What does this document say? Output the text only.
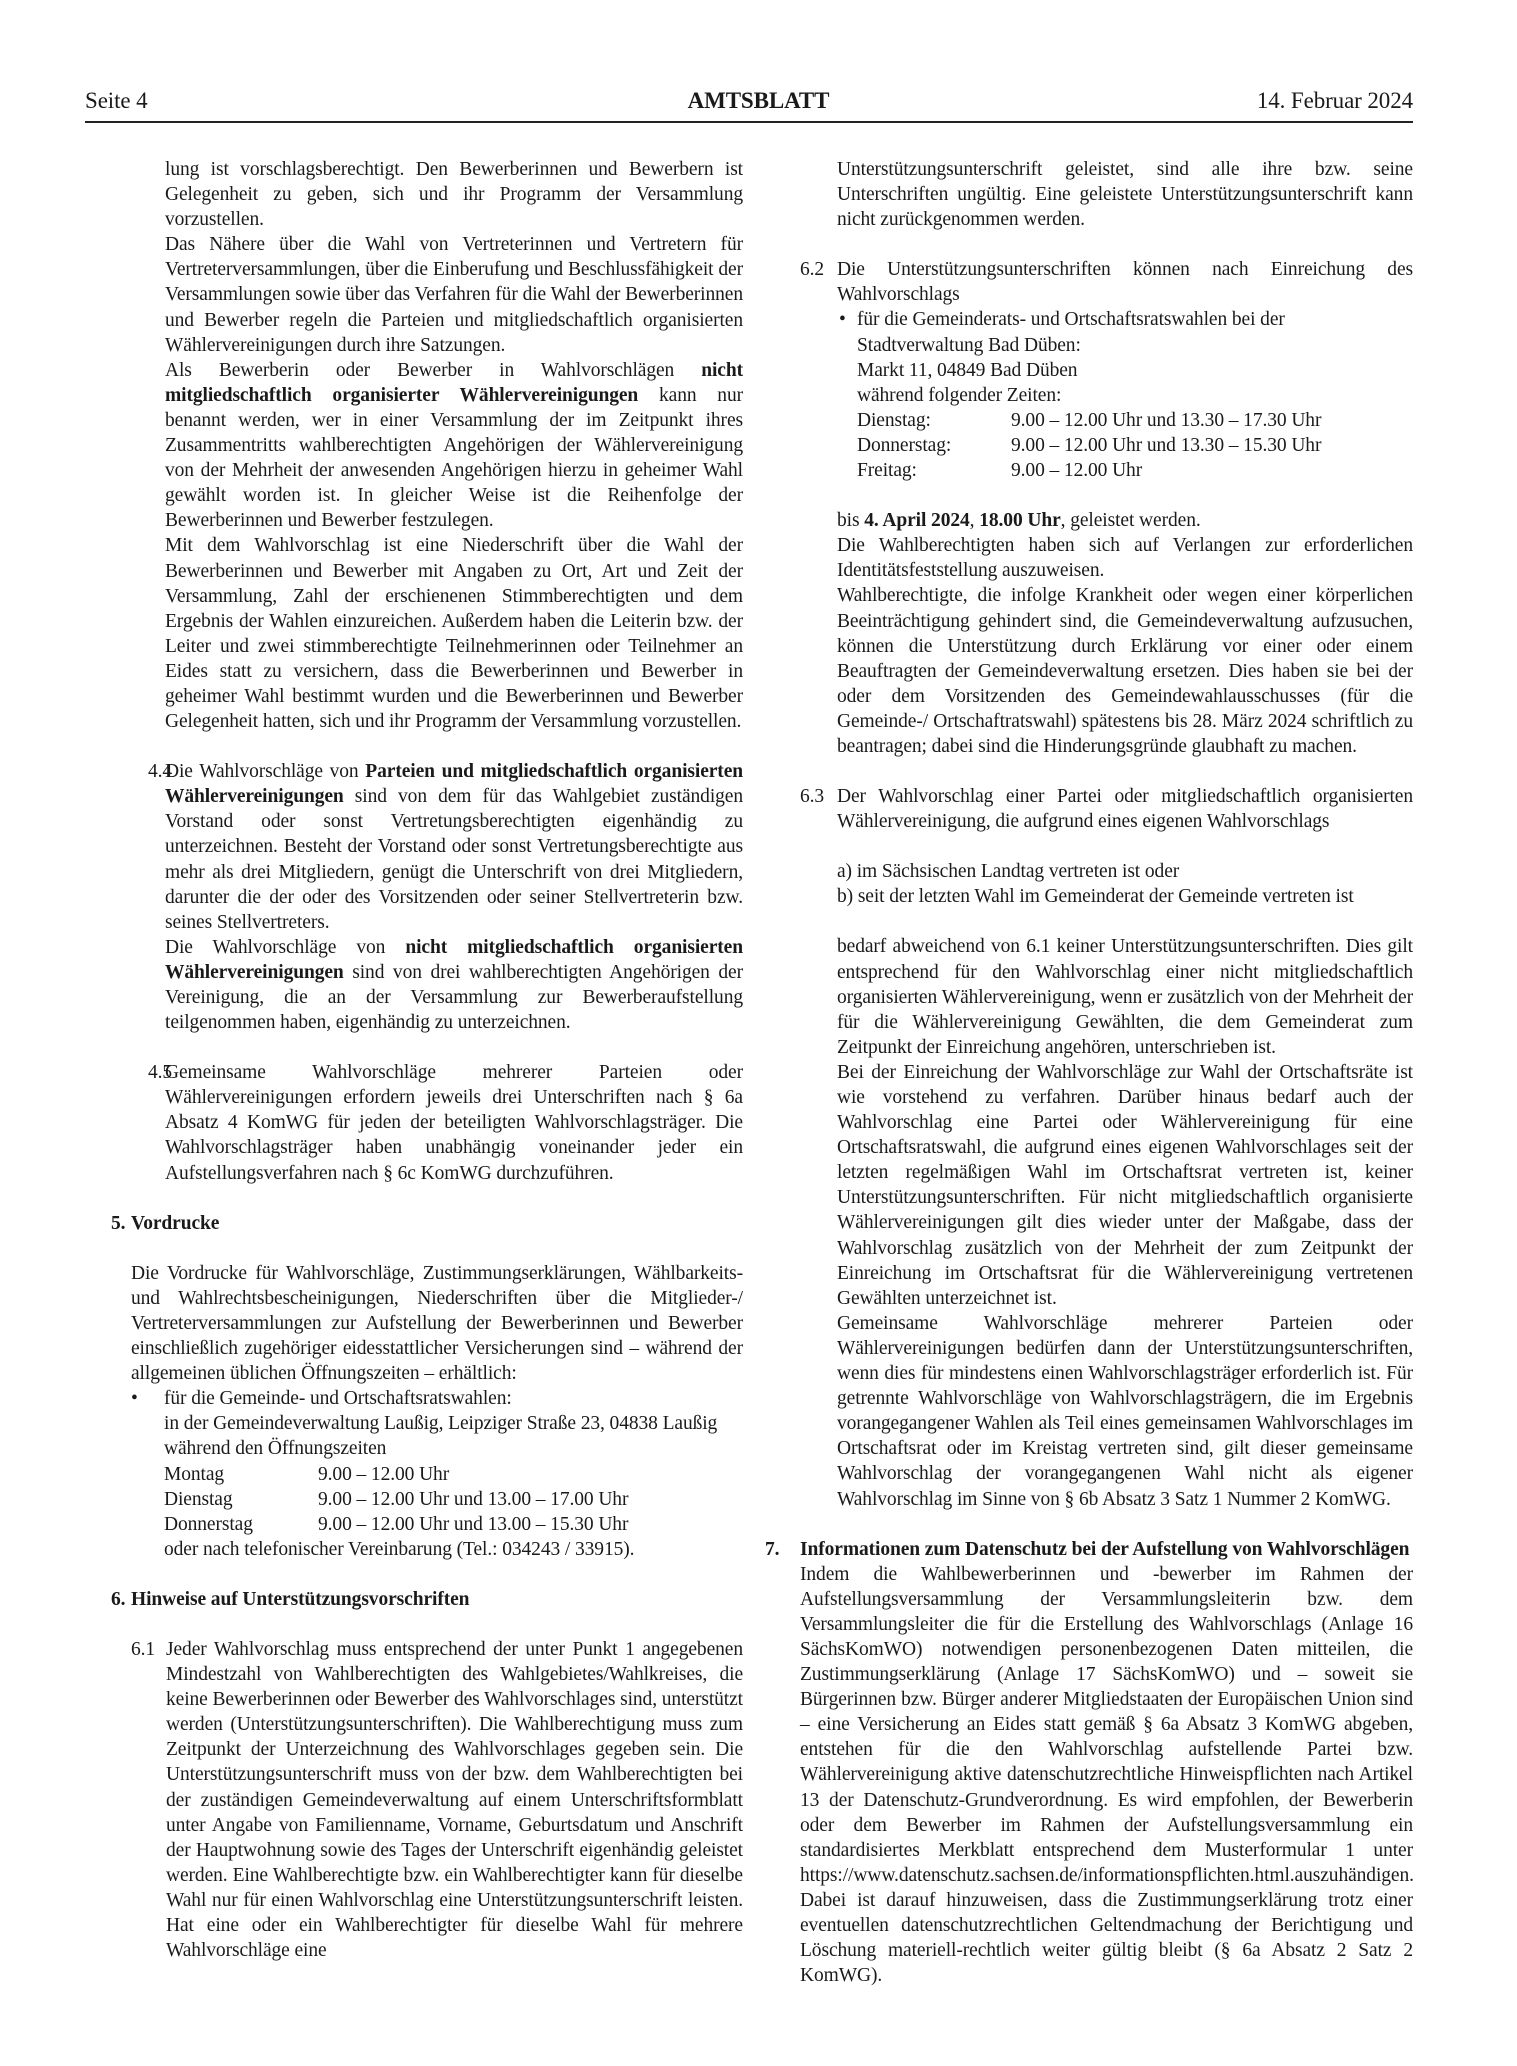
Seite 4	AMTSBLATT	14. Februar 2024

lung ist vorschlagsberechtigt. Den Bewerberinnen und Bewerbern ist Gelegenheit zu geben, sich und ihr Programm der Versammlung vorzustellen.

Das Nähere über die Wahl von Vertreterinnen und Vertretern für Vertreterversammlungen, über die Einberufung und Beschlussfähigkeit der Versammlungen sowie über das Verfahren für die Wahl der Bewerberinnen und Bewerber regeln die Parteien und mitgliedschaftlich organisierten Wählervereinigungen durch ihre Satzungen.

Als Bewerberin oder Bewerber in Wahlvorschlägen nicht mitgliedschaftlich organisierter Wählervereinigungen kann nur benannt werden, wer in einer Versammlung der im Zeitpunkt ihres Zusammentritts wahlberechtigten Angehörigen der Wählervereinigung von der Mehrheit der anwesenden Angehörigen hierzu in geheimer Wahl gewählt worden ist. In gleicher Weise ist die Reihenfolge der Bewerberinnen und Bewerber festzulegen.

Mit dem Wahlvorschlag ist eine Niederschrift über die Wahl der Bewerberinnen und Bewerber mit Angaben zu Ort, Art und Zeit der Versammlung, Zahl der erschienenen Stimmberechtigten und dem Ergebnis der Wahlen einzureichen. Außerdem haben die Leiterin bzw. der Leiter und zwei stimmberechtigte Teilnehmerinnen oder Teilnehmer an Eides statt zu versichern, dass die Bewerberinnen und Bewerber in geheimer Wahl bestimmt wurden und die Bewerberinnen und Bewerber Gelegenheit hatten, sich und ihr Programm der Versammlung vorzustellen.

4.4

Die Wahlvorschläge von Parteien und mitgliedschaftlich organisierten Wählervereinigungen sind von dem für das Wahlgebiet zuständigen Vorstand oder sonst Vertretungsberechtigten eigenhändig zu unterzeichnen. Besteht der Vorstand oder sonst Vertretungsberechtigte aus mehr als drei Mitgliedern, genügt die Unterschrift von drei Mitgliedern, darunter die der oder des Vorsitzenden oder seiner Stellvertreterin bzw. seines Stellvertreters.

Die Wahlvorschläge von nicht mitgliedschaftlich organisierten Wählervereinigungen sind von drei wahlberechtigten Angehörigen der Vereinigung, die an der Versammlung zur Bewerberaufstellung teilgenommen haben, eigenhändig zu unterzeichnen.

4.5

Gemeinsame Wahlvorschläge mehrerer Parteien oder Wählervereinigungen erfordern jeweils drei Unterschriften nach § 6a Absatz 4 KomWG für jeden der beteiligten Wahlvorschlagsträger. Die Wahlvorschlagsträger haben unabhängig voneinander jeder ein Aufstellungsverfahren nach § 6c KomWG durchzuführen.

5. Vordrucke

Die Vordrucke für Wahlvorschläge, Zustimmungserklärungen, Wählbarkeits- und Wahlrechtsbescheinigungen, Niederschriften über die Mitglieder-/ Vertreterversammlungen zur Aufstellung der Bewerberinnen und Bewerber einschließlich zugehöriger eidesstattlicher Versicherungen sind – während der allgemeinen üblichen Öffnungszeiten – erhältlich:

• für die Gemeinde- und Ortschaftsratswahlen:
in der Gemeindeverwaltung Laußig, Leipziger Straße 23, 04838 Laußig
während den Öffnungszeiten
Montag	9.00 – 12.00 Uhr
Dienstag	9.00 – 12.00 Uhr und 13.00 – 17.00 Uhr
Donnerstag	9.00 – 12.00 Uhr und 13.00 – 15.30 Uhr
oder nach telefonischer Vereinbarung (Tel.: 034243 / 33915).
6. Hinweise auf Unterstützungsvorschriften
6.1 Jeder Wahlvorschlag muss entsprechend der unter Punkt 1 angegebenen Mindestzahl von Wahlberechtigten des Wahlgebietes/Wahlkreises, die keine Bewerberinnen oder Bewerber des Wahlvorschlages sind, unterstützt werden (Unterstützungsunterschriften). Die Wahlberechtigung muss zum Zeitpunkt der Unterzeichnung des Wahlvorschlages gegeben sein. Die Unterstützungsunterschrift muss von der bzw. dem Wahlberechtigten bei der zuständigen Gemeindeverwaltung auf einem Unterschriftsformblatt unter Angabe von Familienname, Vorname, Geburtsdatum und Anschrift der Hauptwohnung sowie des Tages der Unterschrift eigenhändig geleistet werden. Eine Wahlberechtigte bzw. ein Wahlberechtigter kann für dieselbe Wahl nur für einen Wahlvorschlag eine Unterstützungsunterschrift leisten. Hat eine oder ein Wahlberechtigter für dieselbe Wahl für mehrere Wahlvorschläge eine

Unterstützungsunterschrift geleistet, sind alle ihre bzw. seine Unterschriften ungültig. Eine geleistete Unterstützungsunterschrift kann nicht zurückgenommen werden.

6.2 Die Unterstützungsunterschriften können nach Einreichung des Wahlvorschlags

• für die Gemeinderats- und Ortschaftsratswahlen bei der
Stadtverwaltung Bad Düben:
Markt 11, 04849 Bad Düben
während folgender Zeiten:
Dienstag:	9.00 – 12.00 Uhr und 13.30 – 17.30 Uhr
Donnerstag:	9.00 – 12.00 Uhr und 13.30 – 15.30 Uhr
Freitag:	9.00 – 12.00 Uhr

bis 4. April 2024, 18.00 Uhr, geleistet werden.

Die Wahlberechtigten haben sich auf Verlangen zur erforderlichen Identitätsfeststellung auszuweisen.

Wahlberechtigte, die infolge Krankheit oder wegen einer körperlichen Beeinträchtigung gehindert sind, die Gemeindeverwaltung aufzusuchen, können die Unterstützung durch Erklärung vor einer oder einem Beauftragten der Gemeindeverwaltung ersetzen. Dies haben sie bei der oder dem Vorsitzenden des Gemeindewahlausschusses (für die Gemeinde-/ Ortschaftratswahl) spätestens bis 28. März 2024 schriftlich zu beantragen; dabei sind die Hinderungsgründe glaubhaft zu machen.

6.3 Der Wahlvorschlag einer Partei oder mitgliedschaftlich organisierten Wählervereinigung, die aufgrund eines eigenen Wahlvorschlags

a) im Sächsischen Landtag vertreten ist oder
b) seit der letzten Wahl im Gemeinderat der Gemeinde vertreten ist

bedarf abweichend von 6.1 keiner Unterstützungsunterschriften. Dies gilt entsprechend für den Wahlvorschlag einer nicht mitgliedschaftlich organisierten Wählervereinigung, wenn er zusätzlich von der Mehrheit der für die Wählervereinigung Gewählten, die dem Gemeinderat zum Zeitpunkt der Einreichung angehören, unterschrieben ist.

Bei der Einreichung der Wahlvorschläge zur Wahl der Ortschaftsräte ist wie vorstehend zu verfahren. Darüber hinaus bedarf auch der Wahlvorschlag eine Partei oder Wählervereinigung für eine Ortschaftsratswahl, die aufgrund eines eigenen Wahlvorschlages seit der letzten regelmäßigen Wahl im Ortschaftsrat vertreten ist, keiner Unterstützungsunterschriften. Für nicht mitgliedschaftlich organisierte Wählervereinigungen gilt dies wieder unter der Maßgabe, dass der Wahlvorschlag zusätzlich von der Mehrheit der zum Zeitpunkt der Einreichung im Ortschaftsrat für die Wählervereinigung vertretenen Gewählten unterzeichnet ist.

Gemeinsame Wahlvorschläge mehrerer Parteien oder Wählervereinigungen bedürfen dann der Unterstützungsunterschriften, wenn dies für mindestens einen Wahlvorschlagsträger erforderlich ist. Für getrennte Wahlvorschläge von Wahlvorschlagsträgern, die im Ergebnis vorangegangener Wahlen als Teil eines gemeinsamen Wahlvorschlages im Ortschaftsrat oder im Kreistag vertreten sind, gilt dieser gemeinsame Wahlvorschlag der vorangegangenen Wahl nicht als eigener Wahlvorschlag im Sinne von § 6b Absatz 3 Satz 1 Nummer 2 KomWG.

7. Informationen zum Datenschutz bei der Aufstellung von Wahlvorschlägen

Indem die Wahlbewerberinnen und -bewerber im Rahmen der Aufstellungsversammlung der Versammlungsleiterin bzw. dem Versammlungsleiter die für die Erstellung des Wahlvorschlags (Anlage 16 SächsKomWO) notwendigen personenbezogenen Daten mitteilen, die Zustimmungserklärung (Anlage 17 SächsKomWO) und – soweit sie Bürgerinnen bzw. Bürger anderer Mitgliedstaaten der Europäischen Union sind – eine Versicherung an Eides statt gemäß § 6a Absatz 3 KomWG abgeben, entstehen für die den Wahlvorschlag aufstellende Partei bzw. Wählervereinigung aktive datenschutzrechtliche Hinweispflichten nach Artikel 13 der Datenschutz-Grundverordnung. Es wird empfohlen, der Bewerberin oder dem Bewerber im Rahmen der Aufstellungsversammlung ein standardisiertes Merkblatt entsprechend dem Musterformular 1 unter https://www.datenschutz.sachsen.de/informationspflichten.html.auszuhändigen. Dabei ist darauf hinzuweisen, dass die Zustimmungserklärung trotz einer eventuellen datenschutzrechtlichen Geltendmachung der Berichtigung und Löschung materiell-rechtlich weiter gültig bleibt (§ 6a Absatz 2 Satz 2 KomWG).
